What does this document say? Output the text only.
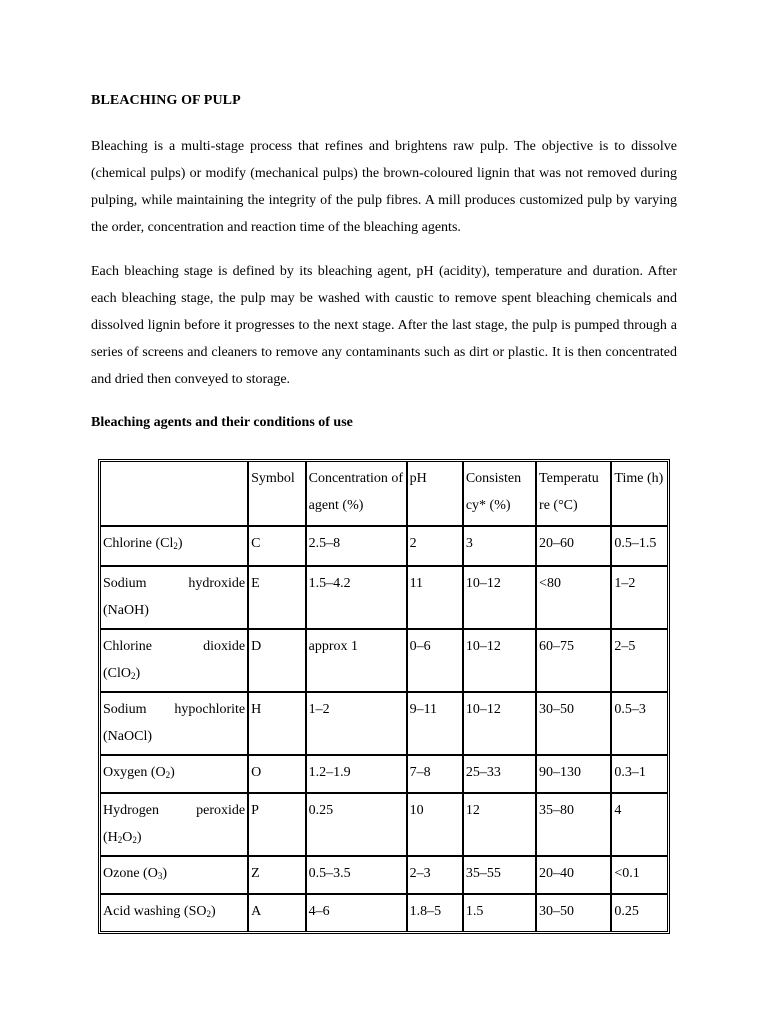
BLEACHING OF PULP

Bleaching is a multi-stage process that refines and brightens raw pulp. The objective is to dissolve (chemical pulps) or modify (mechanical pulps) the brown-coloured lignin that was not removed during pulping, while maintaining the integrity of the pulp fibres. A mill produces customized pulp by varying the order, concentration and reaction time of the bleaching agents.

Each bleaching stage is defined by its bleaching agent, pH (acidity), temperature and duration. After each bleaching stage, the pulp may be washed with caustic to remove spent bleaching chemicals and dissolved lignin before it progresses to the next stage. After the last stage, the pulp is pumped through a series of screens and cleaners to remove any contaminants such as dirt or plastic. It is then concentrated and dried then conveyed to storage.

Bleaching agents and their conditions of use
	Symbol	Concentration of agent (%)	pH	Consisten cy* (%)	Temperatu re (°C)	Time (h)
Chlorine $(Cl_2)$	C	2.5–8	2	3	20–60	0.5–1.5

Sodium hydroxide
(NaOH)	E	1.5–4.2	11	10–12	<80	1–2

Chlorine dioxide
(ClO$_2$)	D	approx 1	0–6	10–12	60–75	2–5

Sodium hypochlorite
(NaOCl)	H	1–2	9–11	10–12	30–50	0.5–3
Oxygen $(O_2)$	O	1.2–1.9	7–8	25–33	90–130	0.3–1

Hydrogen peroxide
$(H_2O_2)$	P	0.25	10	12	35–80	4
Ozone $(O_3)$	Z	0.5–3.5	2–3	35–55	20–40	<0.1
Acid washing $(SO_2)$	A	4–6	1.8–5	1.5	30–50	0.25
